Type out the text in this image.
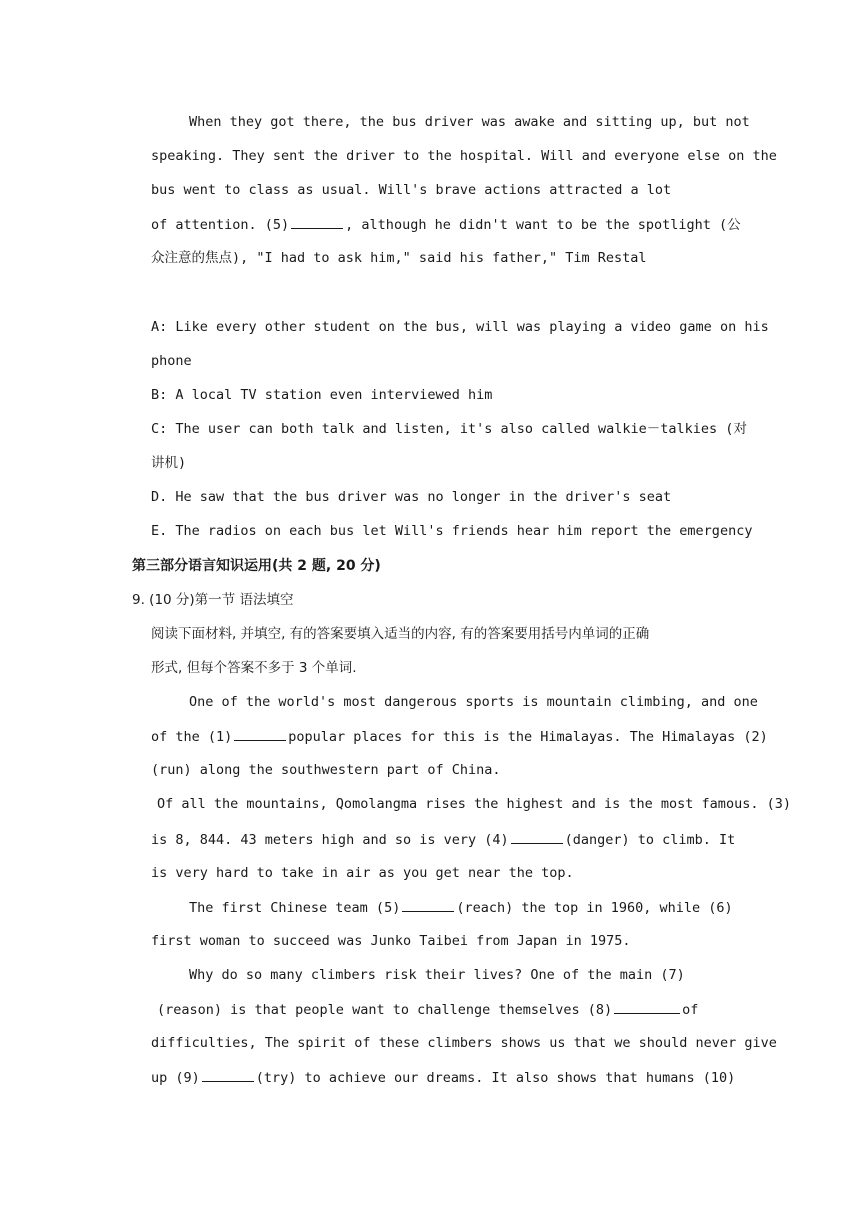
When they got there, the bus driver was awake and sitting up, but not
speaking. They sent the driver to the hospital. Will and everyone else on the
bus went to class as usual. Will's brave actions attracted a lot
of attention. (5)	, although he didn't want to be the spotlight (公
众注意的焦点), "I had to ask him," said his father," Tim Restal
A: Like every other student on the bus, will was playing a video game on his
phone
B: A local TV station even interviewed him
C: The user can both talk and listen, it's also called walkie－talkies (对
讲机)
D. He saw that the bus driver was no longer in the driver's seat
E. The radios on each bus let Will's friends hear him report the emergency
第三部分语言知识运用(共 2 题, 20 分)
9. (10 分)第一节 语法填空
阅读下面材料, 并填空, 有的答案要填入适当的内容, 有的答案要用括号内单词的正确
形式, 但每个答案不多于 3 个单词.
One of the world's most dangerous sports is mountain climbing, and one
of the (1)	popular places for this is the Himalayas. The Himalayas (2)
(run) along the southwestern part of China.
Of all the mountains, Qomolangma rises the highest and is the most famous. (3)
is 8, 844. 43 meters high and so is very (4)	(danger) to climb. It
is very hard to take in air as you get near the top.
The first Chinese team (5)	(reach) the top in 1960, while (6)
first woman to succeed was Junko Taibei from Japan in 1975.
Why do so many climbers risk their lives? One of the main (7)
(reason) is that people want to challenge themselves (8)	of
difficulties, The spirit of these climbers shows us that we should never give
up (9)	(try) to achieve our dreams. It also shows that humans (10)
